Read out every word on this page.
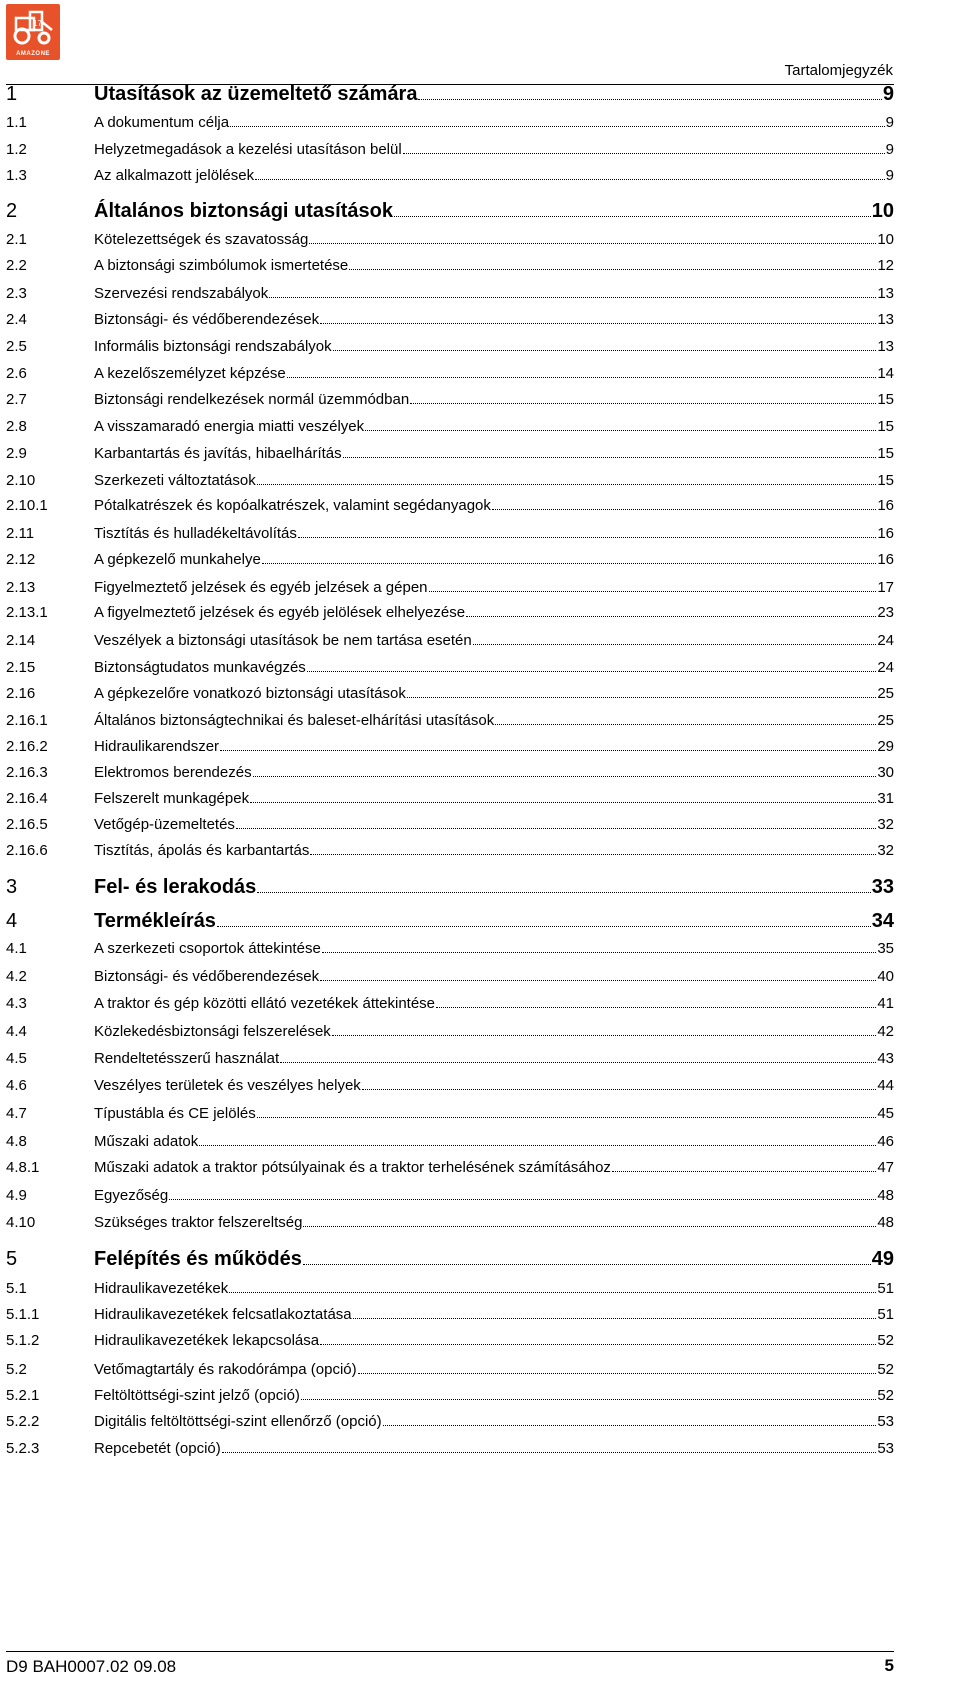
17
AMAZONE
Tartalomjegyzék
1	Utasítások az üzemeltető számára	9
1.1	A dokumentum célja	9
1.2	Helyzetmegadások a kezelési utasításon belül	9
1.3	Az alkalmazott jelölések	9
2	Általános biztonsági utasítások	10
2.1	Kötelezettségek és szavatosság	10
2.2	A biztonsági szimbólumok ismertetése	12
2.3	Szervezési rendszabályok	13
2.4	Biztonsági- és védőberendezések	13
2.5	Informális biztonsági rendszabályok	13
2.6	A kezelőszemélyzet képzése	14
2.7	Biztonsági rendelkezések normál üzemmódban	15
2.8	A visszamaradó energia miatti veszélyek	15
2.9	Karbantartás és javítás, hibaelhárítás	15
2.10	Szerkezeti változtatások	15
2.10.1	Pótalkatrészek és kopóalkatrészek, valamint segédanyagok	16
2.11	Tisztítás és hulladékeltávolítás	16
2.12	A gépkezelő munkahelye	16
2.13	Figyelmeztető jelzések és egyéb jelzések a gépen	17
2.13.1	A figyelmeztető jelzések és egyéb jelölések elhelyezése	23
2.14	Veszélyek a biztonsági utasítások be nem tartása esetén	24
2.15	Biztonságtudatos munkavégzés	24
2.16	A gépkezelőre vonatkozó biztonsági utasítások	25
2.16.1	Általános biztonságtechnikai és baleset-elhárítási utasítások	25
2.16.2	Hidraulikarendszer	29
2.16.3	Elektromos berendezés	30
2.16.4	Felszerelt munkagépek	31
2.16.5	Vetőgép-üzemeltetés	32
2.16.6	Tisztítás, ápolás és karbantartás	32
3	Fel- és lerakodás	33
4	Termékleírás	34
4.1	A szerkezeti csoportok áttekintése	35
4.2	Biztonsági- és védőberendezések	40
4.3	A traktor és gép közötti ellátó vezetékek áttekintése	41
4.4	Közlekedésbiztonsági felszerelések	42
4.5	Rendeltetésszerű használat	43
4.6	Veszélyes területek és veszélyes helyek	44
4.7	Típustábla és CE jelölés	45
4.8	Műszaki adatok	46
4.8.1	Műszaki adatok a traktor pótsúlyainak és a traktor terhelésének számításához	47
4.9	Egyezőség	48
4.10	Szükséges traktor felszereltség	48
5	Felépítés és működés	49
5.1	Hidraulikavezetékek	51
5.1.1	Hidraulikavezetékek felcsatlakoztatása	51
5.1.2	Hidraulikavezetékek lekapcsolása	52
5.2	Vetőmagtartály és rakodórámpa (opció)	52
5.2.1	Feltöltöttségi-szint jelző (opció)	52
5.2.2	Digitális feltöltöttségi-szint ellenőrző (opció)	53
5.2.3	Repcebetét (opció)	53
D9 BAH0007.02 09.08	5
